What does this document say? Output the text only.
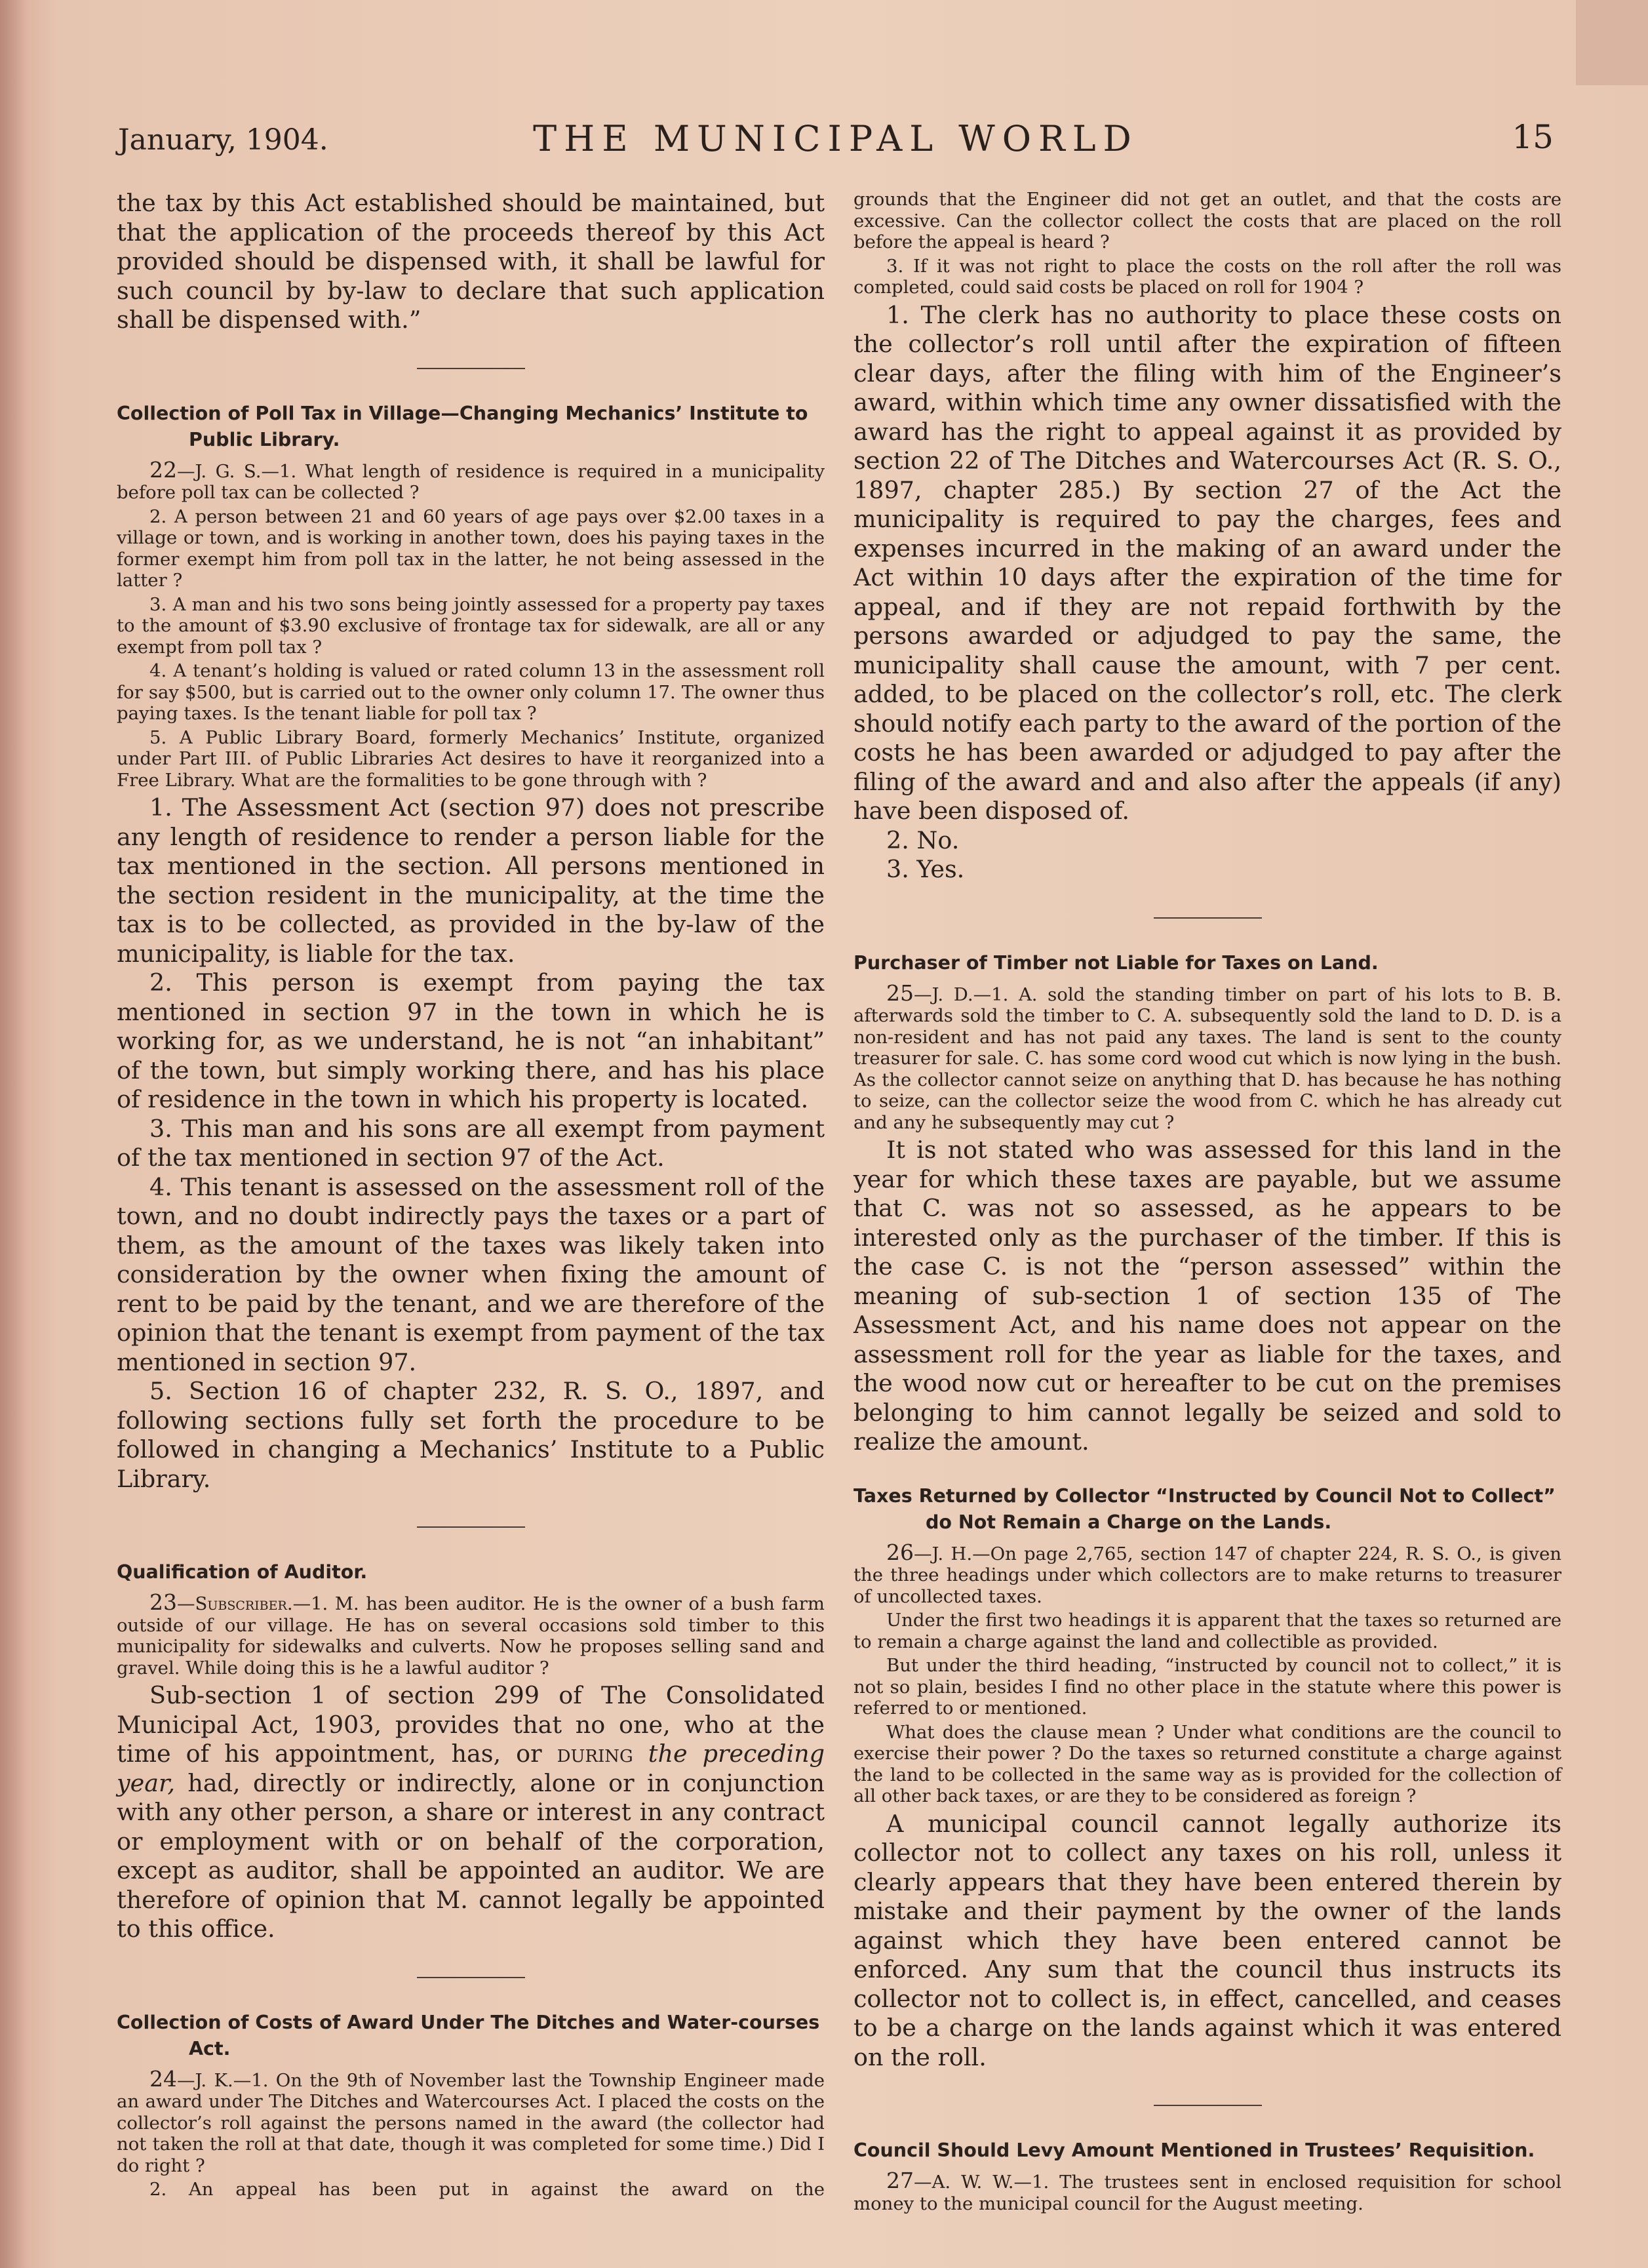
January, 1904.	THE MUNICIPAL WORLD	15

the tax by this Act established should be maintained, but that the application of the proceeds thereof by this Act provided should be dispensed with, it shall be lawful for such council by by-law to declare that such application shall be dispensed with.”

Collection of Poll Tax in Village—Changing Mechanics’ Institute to Public Library.

22—J. G. S.—1. What length of residence is required in a municipality before poll tax can be collected ?

2. A person between 21 and 60 years of age pays over $2.00 taxes in a village or town, and is working in another town, does his paying taxes in the former exempt him from poll tax in the latter, he not being assessed in the latter ?

3. A man and his two sons being jointly assessed for a property pay taxes to the amount of $3.90 exclusive of frontage tax for sidewalk, are all or any exempt from poll tax ?

4. A tenant’s holding is valued or rated column 13 in the assessment roll for say $500, but is carried out to the owner only column 17. The owner thus paying taxes. Is the tenant liable for poll tax ?

5. A Public Library Board, formerly Mechanics’ Institute, organized under Part III. of Public Libraries Act desires to have it reorganized into a Free Library. What are the formalities to be gone through with ?

1. The Assessment Act (section 97) does not prescribe any length of residence to render a person liable for the tax mentioned in the section. All persons mentioned in the section resident in the municipality, at the time the tax is to be collected, as provided in the by-law of the municipality, is liable for the tax.

2. This person is exempt from paying the tax mentioned in section 97 in the town in which he is working for, as we understand, he is not “an inhabitant” of the town, but simply working there, and has his place of residence in the town in which his property is located.

3. This man and his sons are all exempt from payment of the tax mentioned in section 97 of the Act.

4. This tenant is assessed on the assessment roll of the town, and no doubt indirectly pays the taxes or a part of them, as the amount of the taxes was likely taken into consideration by the owner when fixing the amount of rent to be paid by the tenant, and we are therefore of the opinion that the tenant is exempt from payment of the tax mentioned in section 97.

5. Section 16 of chapter 232, R. S. O., 1897, and following sections fully set forth the procedure to be followed in changing a Mechanics’ Institute to a Public Library.

Qualification of Auditor.

23—Subscriber.—1. M. has been auditor. He is the owner of a bush farm outside of our village. He has on several occasions sold timber to this municipality for sidewalks and culverts. Now he proposes selling sand and gravel. While doing this is he a lawful auditor ?

Sub-section 1 of section 299 of The Consolidated Municipal Act, 1903, provides that no one, who at the time of his appointment, has, or during the preceding year, had, directly or indirectly, alone or in conjunction with any other person, a share or interest in any contract or employment with or on behalf of the corporation, except as auditor, shall be appointed an auditor. We are therefore of opinion that M. cannot legally be appointed to this office.

Collection of Costs of Award Under The Ditches and Water-courses Act.

24—J. K.—1. On the 9th of November last the Township Engineer made an award under The Ditches and Watercourses Act. I placed the costs on the collector’s roll against the persons named in the award (the collector had not taken the roll at that date, though it was completed for some time.) Did I do right ?

2. An appeal has been put in against the award on the

grounds that the Engineer did not get an outlet, and that the costs are excessive. Can the collector collect the costs that are placed on the roll before the appeal is heard ?

3. If it was not right to place the costs on the roll after the roll was completed, could said costs be placed on roll for 1904 ?

1. The clerk has no authority to place these costs on the collector’s roll until after the expiration of fifteen clear days, after the filing with him of the Engineer’s award, within which time any owner dissatisfied with the award has the right to appeal against it as provided by section 22 of The Ditches and Watercourses Act (R. S. O., 1897, chapter 285.) By section 27 of the Act the municipality is required to pay the charges, fees and expenses incurred in the making of an award under the Act within 10 days after the expiration of the time for appeal, and if they are not repaid forthwith by the persons awarded or adjudged to pay the same, the municipality shall cause the amount, with 7 per cent. added, to be placed on the collector’s roll, etc. The clerk should notify each party to the award of the portion of the costs he has been awarded or adjudged to pay after the filing of the award and and also after the appeals (if any) have been disposed of.

2. No.

3. Yes.

Purchaser of Timber not Liable for Taxes on Land.

25—J. D.—1. A. sold the standing timber on part of his lots to B. B. afterwards sold the timber to C. A. subsequently sold the land to D. D. is a non-resident and has not paid any taxes. The land is sent to the county treasurer for sale. C. has some cord wood cut which is now lying in the bush. As the collector cannot seize on anything that D. has because he has nothing to seize, can the collector seize the wood from C. which he has already cut and any he subsequently may cut ?

It is not stated who was assessed for this land in the year for which these taxes are payable, but we assume that C. was not so assessed, as he appears to be interested only as the purchaser of the timber. If this is the case C. is not the “person assessed” within the meaning of sub-section 1 of section 135 of The Assessment Act, and his name does not appear on the assessment roll for the year as liable for the taxes, and the wood now cut or hereafter to be cut on the premises belonging to him cannot legally be seized and sold to realize the amount.

Taxes Returned by Collector “Instructed by Council Not to Collect” do Not Remain a Charge on the Lands.

26—J. H.—On page 2,765, section 147 of chapter 224, R. S. O., is given the three headings under which collectors are to make returns to treasurer of uncollected taxes.

Under the first two headings it is apparent that the taxes so returned are to remain a charge against the land and collectible as provided.

But under the third heading, “instructed by council not to collect,” it is not so plain, besides I find no other place in the statute where this power is referred to or mentioned.

What does the clause mean ? Under what conditions are the council to exercise their power ? Do the taxes so returned constitute a charge against the land to be collected in the same way as is provided for the collection of all other back taxes, or are they to be considered as foreign ?

A municipal council cannot legally authorize its collector not to collect any taxes on his roll, unless it clearly appears that they have been entered therein by mistake and their payment by the owner of the lands against which they have been entered cannot be enforced. Any sum that the council thus instructs its collector not to collect is, in effect, cancelled, and ceases to be a charge on the lands against which it was entered on the roll.

Council Should Levy Amount Mentioned in Trustees’ Requisition.

27—A. W. W.—1. The trustees sent in enclosed requisition for school money to the municipal council for the August meeting.
